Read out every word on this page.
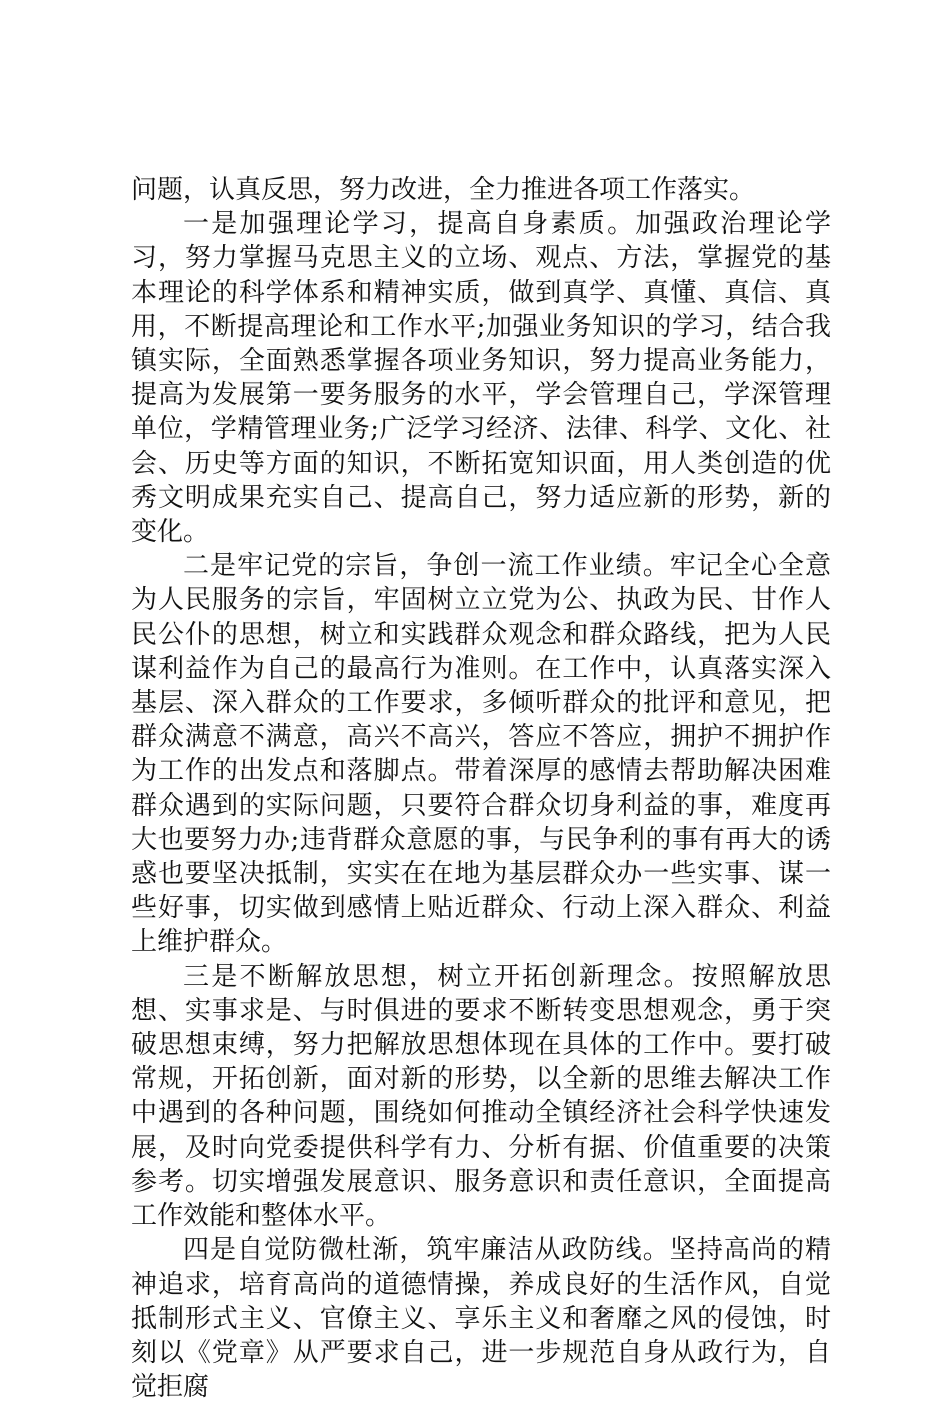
问题，认真反思，努力改进，全力推进各项工作落实。

一是加强理论学习，提高自身素质。加强政治理论学习，努力掌握马克思主义的立场、观点、方法，掌握党的基本理论的科学体系和精神实质，做到真学、真懂、真信、真用，不断提高理论和工作水平;加强业务知识的学习，结合我镇实际，全面熟悉掌握各项业务知识，努力提高业务能力，提高为发展第一要务服务的水平，学会管理自己，学深管理单位，学精管理业务;广泛学习经济、法律、科学、文化、社会、历史等方面的知识，不断拓宽知识面，用人类创造的优秀文明成果充实自己、提高自己，努力适应新的形势，新的变化。

二是牢记党的宗旨，争创一流工作业绩。牢记全心全意为人民服务的宗旨，牢固树立立党为公、执政为民、甘作人民公仆的思想，树立和实践群众观念和群众路线，把为人民谋利益作为自己的最高行为准则。在工作中，认真落实深入基层、深入群众的工作要求，多倾听群众的批评和意见，把群众满意不满意，高兴不高兴，答应不答应，拥护不拥护作为工作的出发点和落脚点。带着深厚的感情去帮助解决困难群众遇到的实际问题，只要符合群众切身利益的事，难度再大也要努力办;违背群众意愿的事，与民争利的事有再大的诱惑也要坚决抵制，实实在在地为基层群众办一些实事、谋一些好事，切实做到感情上贴近群众、行动上深入群众、利益上维护群众。

三是不断解放思想，树立开拓创新理念。按照解放思想、实事求是、与时俱进的要求不断转变思想观念，勇于突破思想束缚，努力把解放思想体现在具体的工作中。要打破常规，开拓创新，面对新的形势，以全新的思维去解决工作中遇到的各种问题，围绕如何推动全镇经济社会科学快速发展，及时向党委提供科学有力、分析有据、价值重要的决策参考。切实增强发展意识、服务意识和责任意识，全面提高工作效能和整体水平。

四是自觉防微杜渐，筑牢廉洁从政防线。坚持高尚的精神追求，培育高尚的道德情操，养成良好的生活作风，自觉抵制形式主义、官僚主义、享乐主义和奢靡之风的侵蚀，时刻以《党章》从严要求自己，进一步规范自身从政行为，自觉拒腐
